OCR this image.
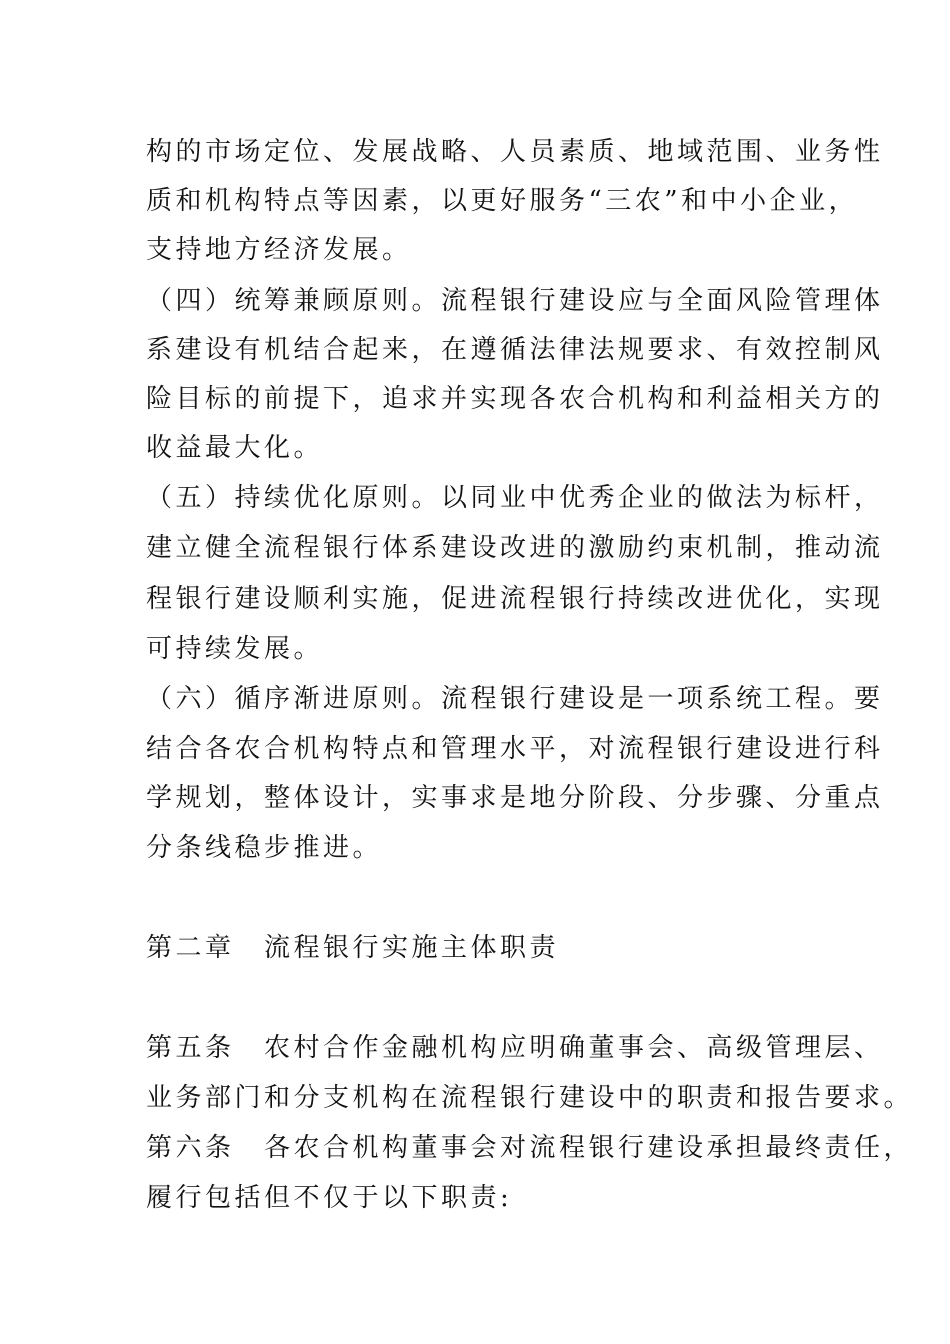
构的市场定位、发展战略、人员素质、地域范围、业务性
质和机构特点等因素，以更好服务“三农”和中小企业，
支持地方经济发展。
（四）统筹兼顾原则。流程银行建设应与全面风险管理体
系建设有机结合起来，在遵循法律法规要求、有效控制风
险目标的前提下，追求并实现各农合机构和利益相关方的
收益最大化。
（五）持续优化原则。以同业中优秀企业的做法为标杆，
建立健全流程银行体系建设改进的激励约束机制，推动流
程银行建设顺利实施，促进流程银行持续改进优化，实现
可持续发展。
（六）循序渐进原则。流程银行建设是一项系统工程。要
结合各农合机构特点和管理水平，对流程银行建设进行科
学规划，整体设计，实事求是地分阶段、分步骤、分重点
分条线稳步推进。
第二章　流程银行实施主体职责
第五条　农村合作金融机构应明确董事会、高级管理层、
业务部门和分支机构在流程银行建设中的职责和报告要求。
第六条　各农合机构董事会对流程银行建设承担最终责任，
履行包括但不仅于以下职责:
